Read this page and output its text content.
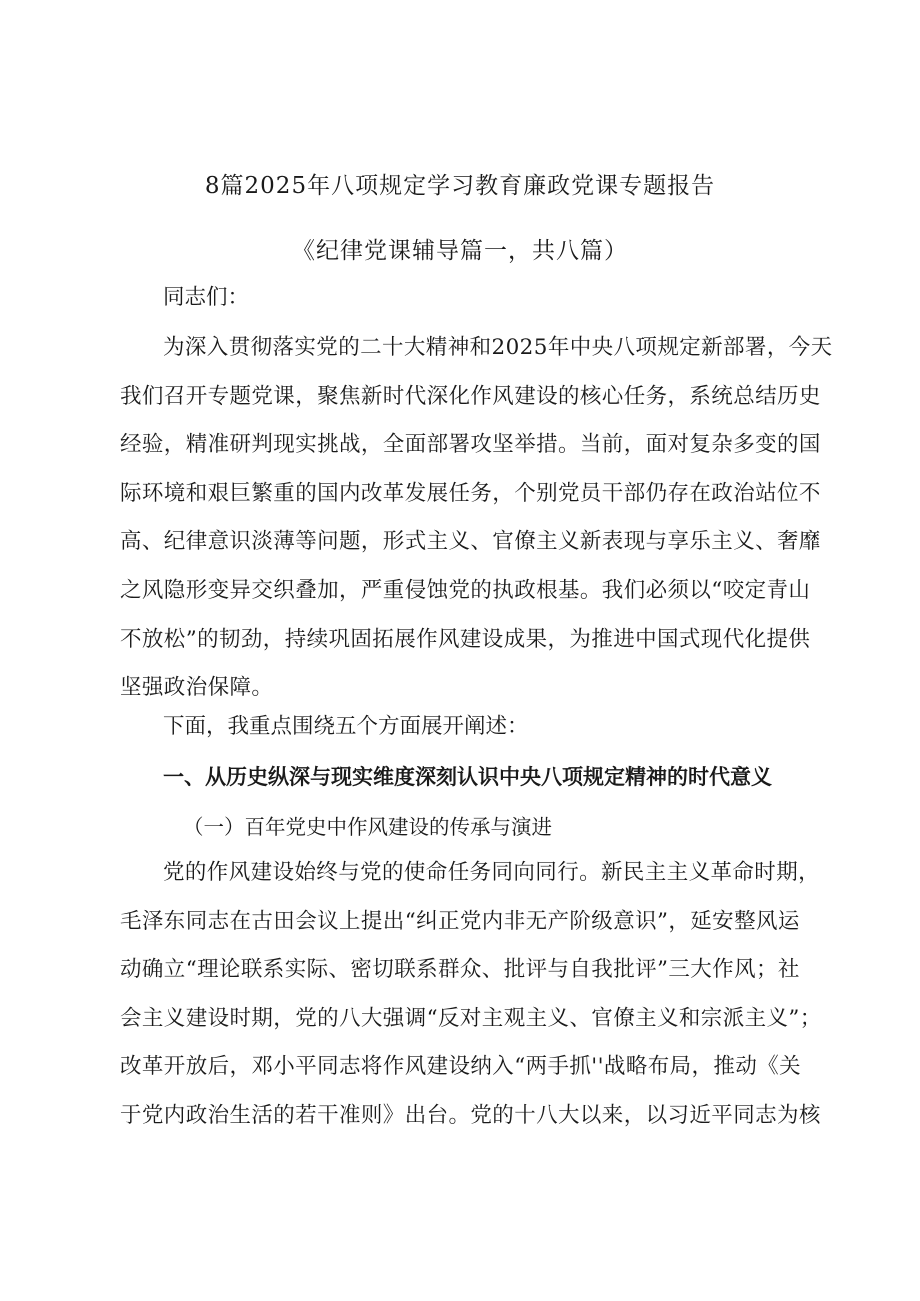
8篇2025年八项规定学习教育廉政党课专题报告
《纪律党课辅导篇一，共八篇）
同志们：
为深入贯彻落实党的二十大精神和2025年中央八项规定新部署，今天
我们召开专题党课，聚焦新时代深化作风建设的核心任务，系统总结历史
经验，精准研判现实挑战，全面部署攻坚举措。当前，面对复杂多变的国
际环境和艰巨繁重的国内改革发展任务，个别党员干部仍存在政治站位不
高、纪律意识淡薄等问题，形式主义、官僚主义新表现与享乐主义、奢靡
之风隐形变异交织叠加，严重侵蚀党的执政根基。我们必须以“咬定青山
不放松”的韧劲，持续巩固拓展作风建设成果，为推进中国式现代化提供
坚强政治保障。
下面，我重点围绕五个方面展开阐述：
一、从历史纵深与现实维度深刻认识中央八项规定精神的时代意义
（一）百年党史中作风建设的传承与演进
党的作风建设始终与党的使命任务同向同行。新民主主义革命时期，
毛泽东同志在古田会议上提出“纠正党内非无产阶级意识”，延安整风运
动确立“理论联系实际、密切联系群众、批评与自我批评”三大作风；社
会主义建设时期，党的八大强调“反对主观主义、官僚主义和宗派主义”；
改革开放后，邓小平同志将作风建设纳入“两手抓''战略布局，推动《关
于党内政治生活的若干准则》出台。党的十八大以来，以习近平同志为核
